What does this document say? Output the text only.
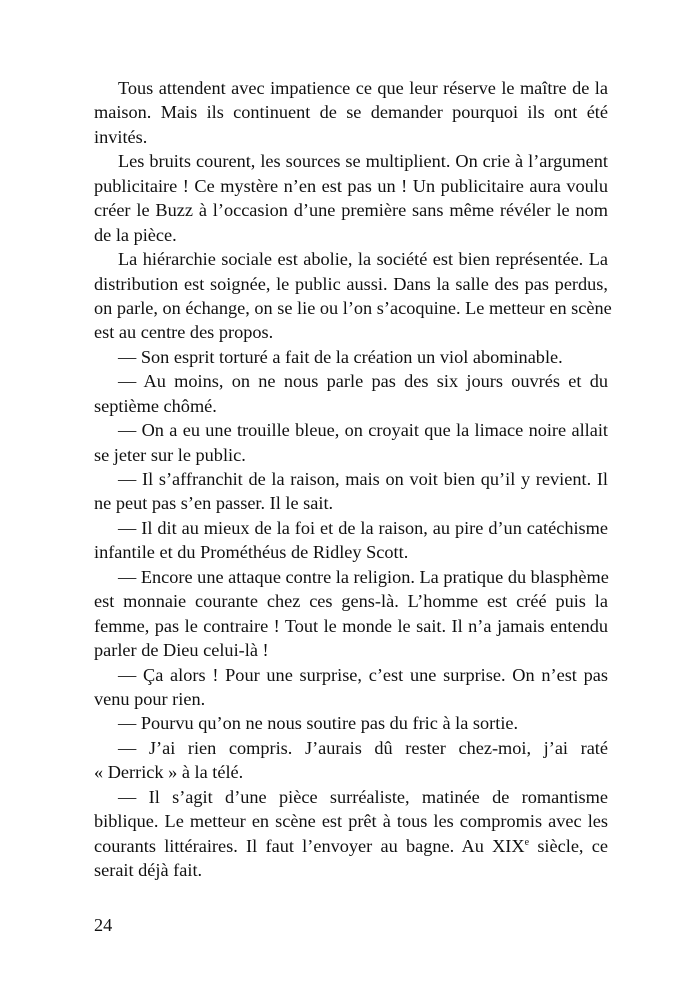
Tous attendent avec impatience ce que leur réserve le maître de la
maison. Mais ils continuent de se demander pourquoi ils ont été
invités.
Les bruits courent, les sources se multiplient. On crie à l’argument
publicitaire ! Ce mystère n’en est pas un ! Un publicitaire aura voulu
créer le Buzz à l’occasion d’une première sans même révéler le nom
de la pièce.
La hiérarchie sociale est abolie, la société est bien représentée. La
distribution est soignée, le public aussi. Dans la salle des pas perdus,
on parle, on échange, on se lie ou l’on s’acoquine. Le metteur en scène
est au centre des propos.
— Son esprit torturé a fait de la création un viol abominable.
— Au moins, on ne nous parle pas des six jours ouvrés et du
septième chômé.
— On a eu une trouille bleue, on croyait que la limace noire allait
se jeter sur le public.
— Il s’affranchit de la raison, mais on voit bien qu’il y revient. Il
ne peut pas s’en passer. Il le sait.
— Il dit au mieux de la foi et de la raison, au pire d’un catéchisme
infantile et du Prométhéus de Ridley Scott.
— Encore une attaque contre la religion. La pratique du blasphème
est monnaie courante chez ces gens-là. L’homme est créé puis la
femme, pas le contraire ! Tout le monde le sait. Il n’a jamais entendu
parler de Dieu celui-là !
— Ça alors ! Pour une surprise, c’est une surprise. On n’est pas
venu pour rien.
— Pourvu qu’on ne nous soutire pas du fric à la sortie.
— J’ai rien compris. J’aurais dû rester chez-moi, j’ai raté
« Derrick » à la télé.
— Il s’agit d’une pièce surréaliste, matinée de romantisme
biblique. Le metteur en scène est prêt à tous les compromis avec les
courants littéraires. Il faut l’envoyer au bagne. Au XIXe siècle, ce
serait déjà fait.
24
